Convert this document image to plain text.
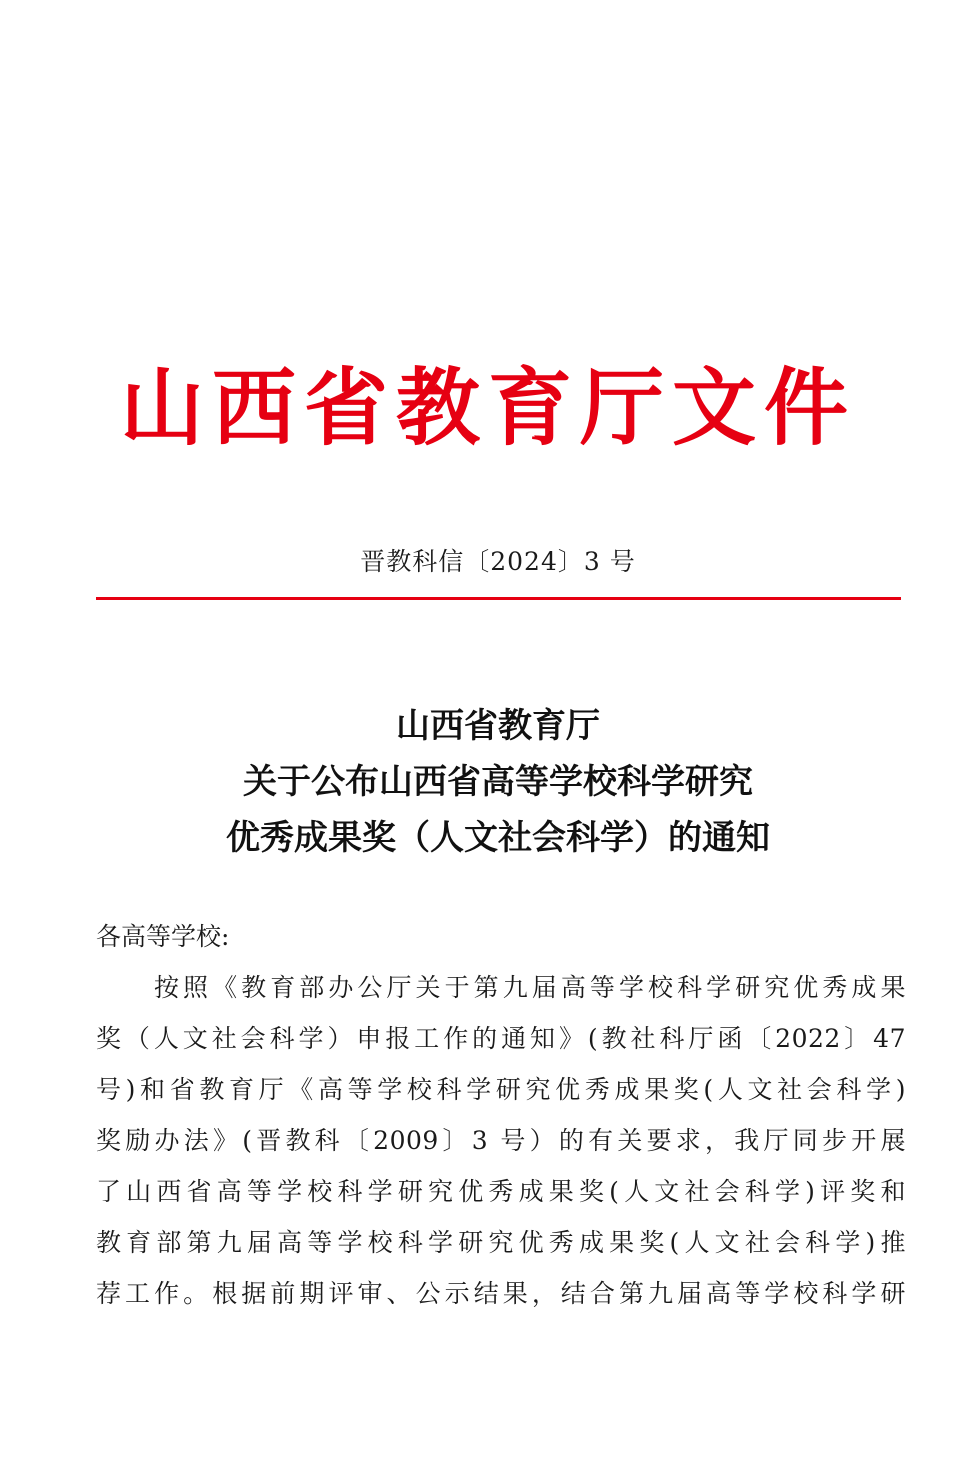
山西省教育厅文件
晋教科信〔2024〕3 号
山西省教育厅
关于公布山西省高等学校科学研究
优秀成果奖（人文社会科学）的通知
各高等学校:
按照《教育部办公厅关于第九届高等学校科学研究优秀成果
奖（人文社会科学）申报工作的通知》(教社科厅函〔2022〕47
号)和省教育厅《高等学校科学研究优秀成果奖(人文社会科学)
奖励办法》(晋教科〔2009〕3 号）的有关要求，我厅同步开展
了山西省高等学校科学研究优秀成果奖(人文社会科学)评奖和
教育部第九届高等学校科学研究优秀成果奖(人文社会科学)推
荐工作。根据前期评审、公示结果，结合第九届高等学校科学研
